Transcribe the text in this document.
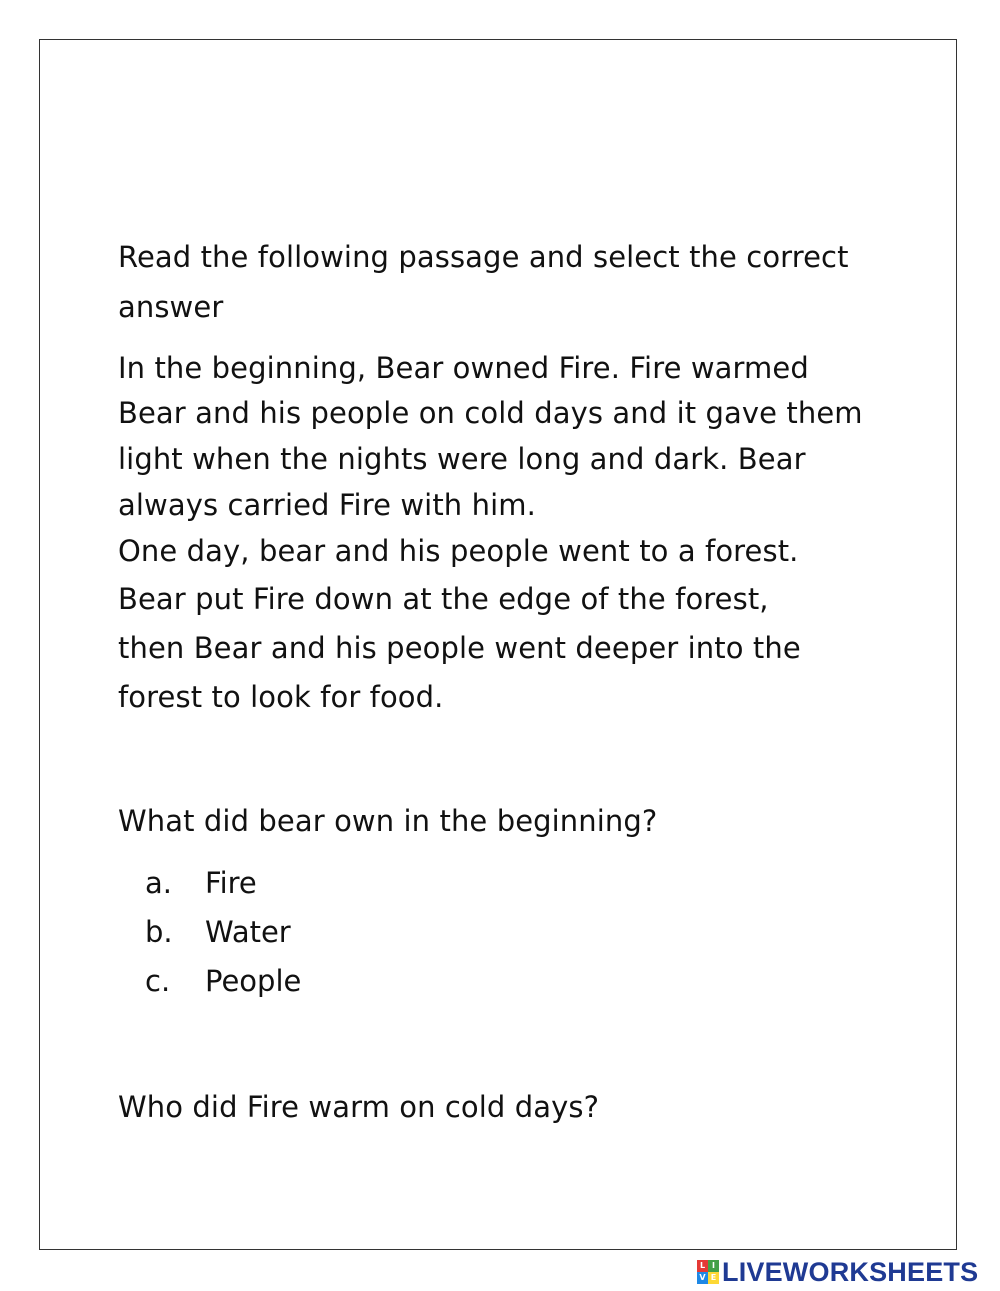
Read the following passage and select the correct
answer
In the beginning, Bear owned Fire. Fire warmed
Bear and his people on cold days and it gave them
light when the nights were long and dark. Bear
always carried Fire with him.
One day, bear and his people went to a forest.
Bear put Fire down at the edge of the forest,
then Bear and his people went deeper into the
forest to look for food.
What did bear own in the beginning?
a. Fire
b. Water
c. People
Who did Fire warm on cold days?
L I
V E LIVEWORKSHEETS
